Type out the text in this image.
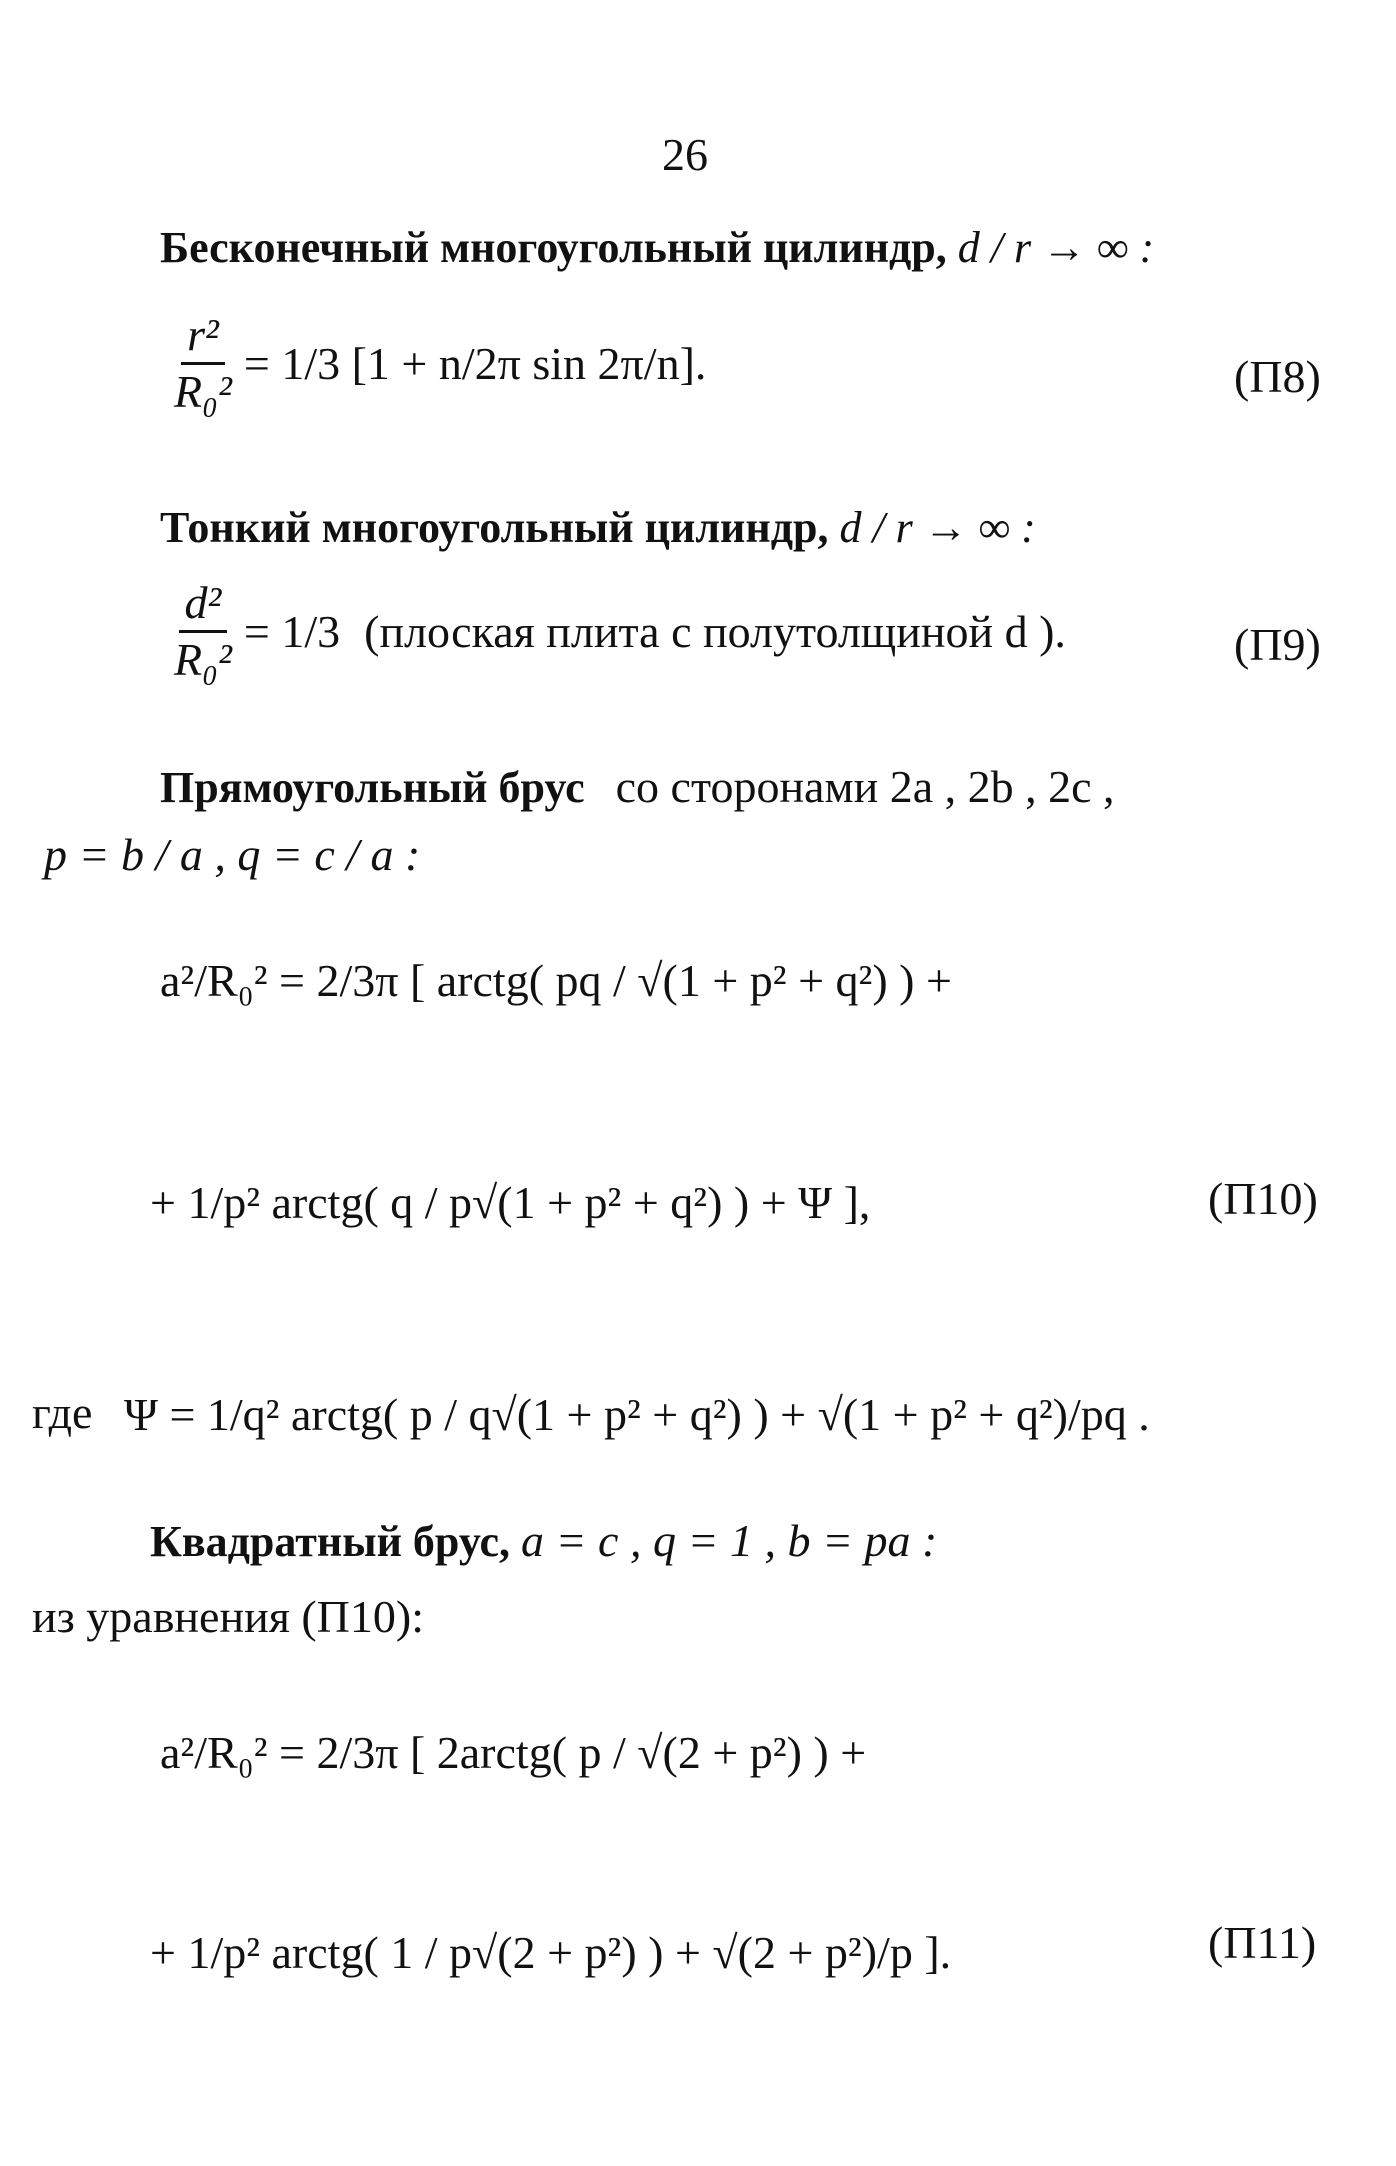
26
Бесконечный многоугольный цилиндр, d / r → ∞ :
$\frac{\text{r²}}{\text{R₀²}} = 1/3$ [1 + n/2π sin 2π/n].	(П8)
Тонкий многоугольный цилиндр, d / r → ∞ :
$\frac{\text{d²}}{\text{R₀²}} = 1/3$ (плоская плита с полутолщиной d ).	(П9)
Прямоугольный брус со сторонами 2a , 2b , 2c ,
p = b / a , q = c / a :
a²/R₀² = 2/3π [ arctg( pq / √(1 + p² + q²) ) +
+ 1/p² arctg( q / p√(1 + p² + q²) ) + Ψ ],	(П10)
где Ψ = 1/q² arctg( p / q√(1 + p² + q²) ) + √(1 + p² + q²)/pq .
Квадратный брус, a = c , q = 1 , b = pa :
из уравнения (П10):
a²/R₀² = 2/3π [ 2arctg( p / √(2 + p²) ) +
+ 1/p² arctg( 1 / p√(2 + p²) ) + √(2 + p²)/p ].	(П11)
